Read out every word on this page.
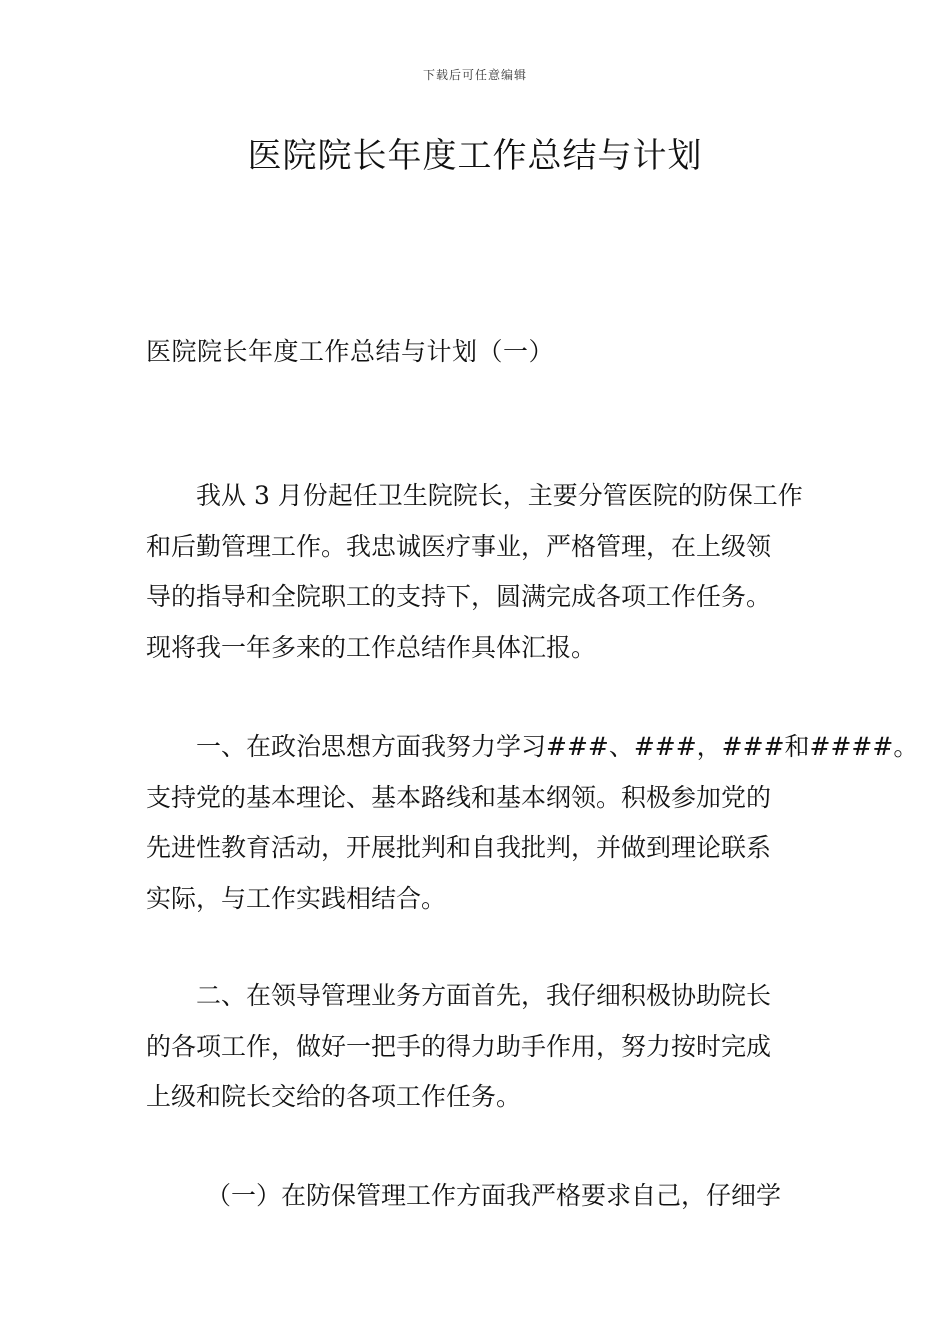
下载后可任意编辑
医院院长年度工作总结与计划
医院院长年度工作总结与计划（一）

我从 3 月份起任卫生院院长，主要分管医院的防保工作
和后勤管理工作。我忠诚医疗事业，严格管理，在上级领
导的指导和全院职工的支持下，圆满完成各项工作任务。
现将我一年多来的工作总结作具体汇报。

一、在政治思想方面我努力学习###、###，###和####。
支持党的基本理论、基本路线和基本纲领。积极参加党的
先进性教育活动，开展批判和自我批判，并做到理论联系
实际，与工作实践相结合。

二、在领导管理业务方面首先，我仔细积极协助院长
的各项工作，做好一把手的得力助手作用，努力按时完成
上级和院长交给的各项工作任务。

（一）在防保管理工作方面我严格要求自己，仔细学
